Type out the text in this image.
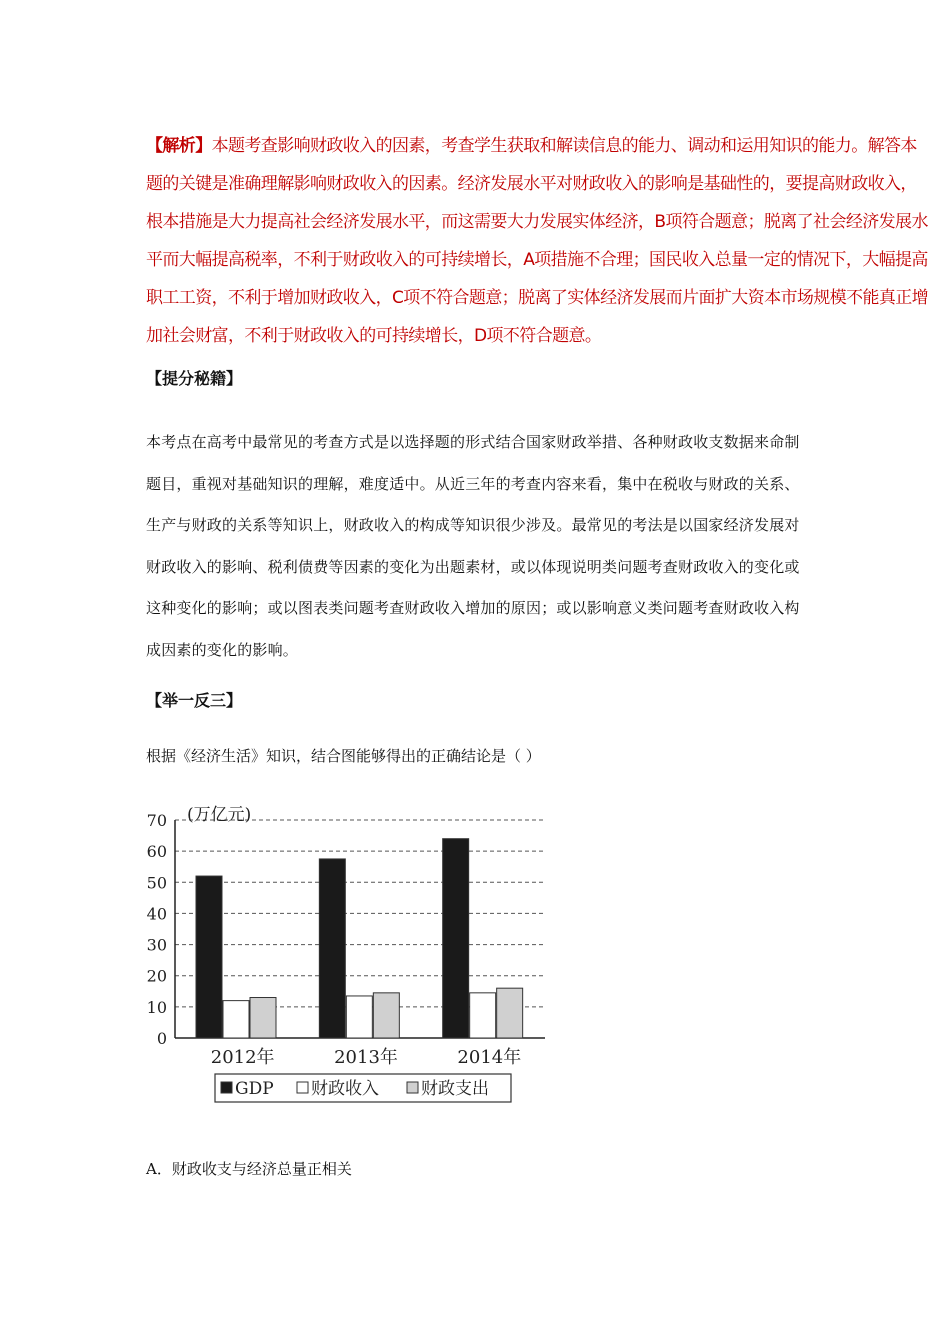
【解析】本题考查影响财政收入的因素，考查学生获取和解读信息的能力、调动和运用知识的能力。解答本题的关键是准确理解影响财政收入的因素。经济发展水平对财政收入的影响是基础性的，要提高财政收入，根本措施是大力提高社会经济发展水平，而这需要大力发展实体经济，B项符合题意；脱离了社会经济发展水平而大幅提高税率，不利于财政收入的可持续增长，A项措施不合理；国民收入总量一定的情况下，大幅提高职工工资，不利于增加财政收入，C项不符合题意；脱离了实体经济发展而片面扩大资本市场规模不能真正增加社会财富，不利于财政收入的可持续增长，D项不符合题意。
【提分秘籍】
本考点在高考中最常见的考查方式是以选择题的形式结合国家财政举措、各种财政收支数据来命制题目，重视对基础知识的理解，难度适中。从近三年的考查内容来看，集中在税收与财政的关系、生产与财政的关系等知识上，财政收入的构成等知识很少涉及。最常见的考法是以国家经济发展对财政收入的影响、税利债费等因素的变化为出题素材，或以体现说明类问题考查财政收入的变化或这种变化的影响；或以图表类问题考查财政收入增加的原因；或以影响意义类问题考查财政收入构成因素的变化的影响。
【举一反三】
根据《经济生活》知识，结合图能够得出的正确结论是（ ）
0
10
20
30
40
50
60
70 (万亿元)
2012年	2013年	2014年
GDP 财政收入 财政支出
A．财政收支与经济总量正相关
